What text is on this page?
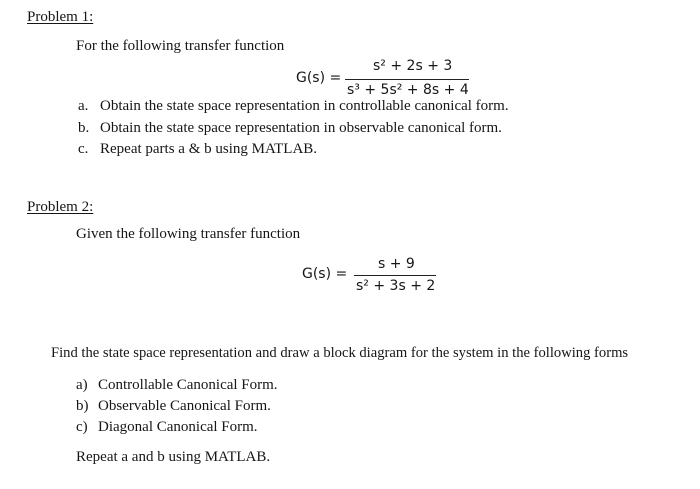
Problem 1:
For the following transfer function
G(s) =
s² + 2s + 3
s³ + 5s² + 8s + 4
a. Obtain the state space representation in controllable canonical form.
b. Obtain the state space representation in observable canonical form.
c. Repeat parts a & b using MATLAB.
Problem 2:
Given the following transfer function
G(s) =
s + 9
s² + 3s + 2
Find the state space representation and draw a block diagram for the system in the following forms
a) Controllable Canonical Form.
b) Observable Canonical Form.
c) Diagonal Canonical Form.
Repeat a and b using MATLAB.
